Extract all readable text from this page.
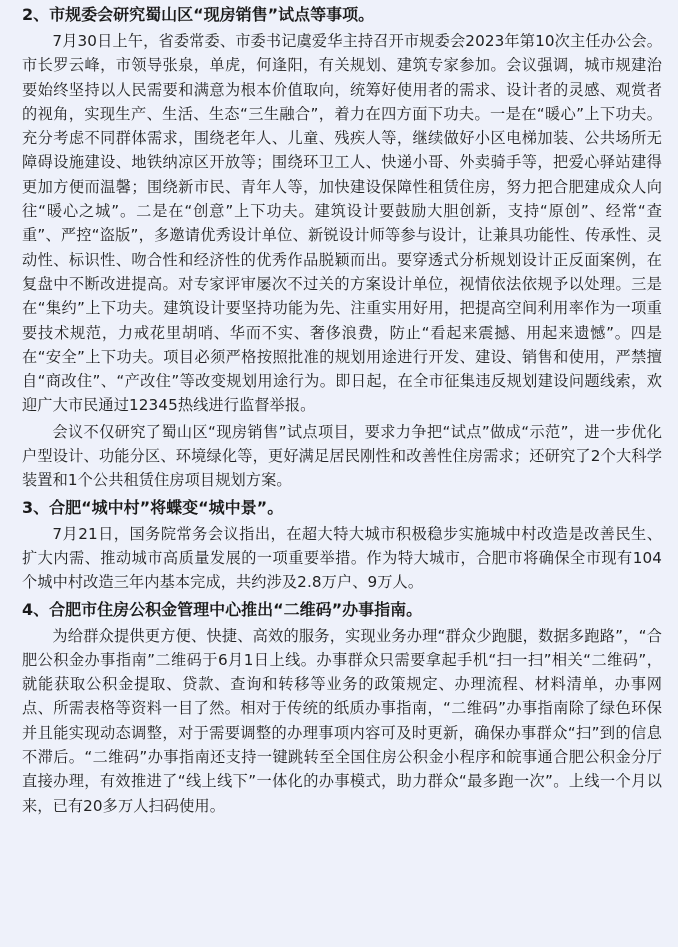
2、市规委会研究蜀山区“现房销售”试点等事项。

7月30日上午，省委常委、市委书记虞爱华主持召开市规委会2023年第10次主任办公会。市长罗云峰，市领导张泉，单虎，何逢阳，有关规划、建筑专家参加。会议强调，城市规建治要始终坚持以人民需要和满意为根本价值取向，统筹好使用者的需求、设计者的灵感、观赏者的视角，实现生产、生活、生态“三生融合”，着力在四方面下功夫。一是在“暖心”上下功夫。充分考虑不同群体需求，围绕老年人、儿童、残疾人等，继续做好小区电梯加装、公共场所无障碍设施建设、地铁纳凉区开放等；围绕环卫工人、快递小哥、外卖骑手等，把爱心驿站建得更加方便而温馨；围绕新市民、青年人等，加快建设保障性租赁住房，努力把合肥建成众人向往“暖心之城”。二是在“创意”上下功夫。建筑设计要鼓励大胆创新，支持“原创”、经常“查重”、严控“盗版”，多邀请优秀设计单位、新锐设计师等参与设计，让兼具功能性、传承性、灵动性、标识性、吻合性和经济性的优秀作品脱颖而出。要穿透式分析规划设计正反面案例，在复盘中不断改进提高。对专家评审屡次不过关的方案设计单位，视情依法依规予以处理。三是在“集约”上下功夫。建筑设计要坚持功能为先、注重实用好用，把提高空间利用率作为一项重要技术规范，力戒花里胡哨、华而不实、奢侈浪费，防止“看起来震撼、用起来遗憾”。四是在“安全”上下功夫。项目必须严格按照批准的规划用途进行开发、建设、销售和使用，严禁擅自“商改住”、“产改住”等改变规划用途行为。即日起，在全市征集违反规划建设问题线索，欢迎广大市民通过12345热线进行监督举报。

会议不仅研究了蜀山区“现房销售”试点项目，要求力争把“试点”做成“示范”，进一步优化户型设计、功能分区、环境绿化等，更好满足居民刚性和改善性住房需求；还研究了2个大科学装置和1个公共租赁住房项目规划方案。

3、合肥“城中村”将蝶变“城中景”。

7月21日，国务院常务会议指出，在超大特大城市积极稳步实施城中村改造是改善民生、扩大内需、推动城市高质量发展的一项重要举措。作为特大城市，合肥市将确保全市现有104个城中村改造三年内基本完成，共约涉及2.8万户、9万人。

4、合肥市住房公积金管理中心推出“二维码”办事指南。

为给群众提供更方便、快捷、高效的服务，实现业务办理“群众少跑腿，数据多跑路”，“合肥公积金办事指南”二维码于6月1日上线。办事群众只需要拿起手机“扫一扫”相关“二维码”，就能获取公积金提取、贷款、查询和转移等业务的政策规定、办理流程、材料清单，办事网点、所需表格等资料一目了然。相对于传统的纸质办事指南，“二维码”办事指南除了绿色环保并且能实现动态调整，对于需要调整的办理事项内容可及时更新，确保办事群众“扫”到的信息不滞后。“二维码”办事指南还支持一键跳转至全国住房公积金小程序和皖事通合肥公积金分厅直接办理，有效推进了“线上线下”一体化的办事模式，助力群众“最多跑一次”。上线一个月以来，已有20多万人扫码使用。
